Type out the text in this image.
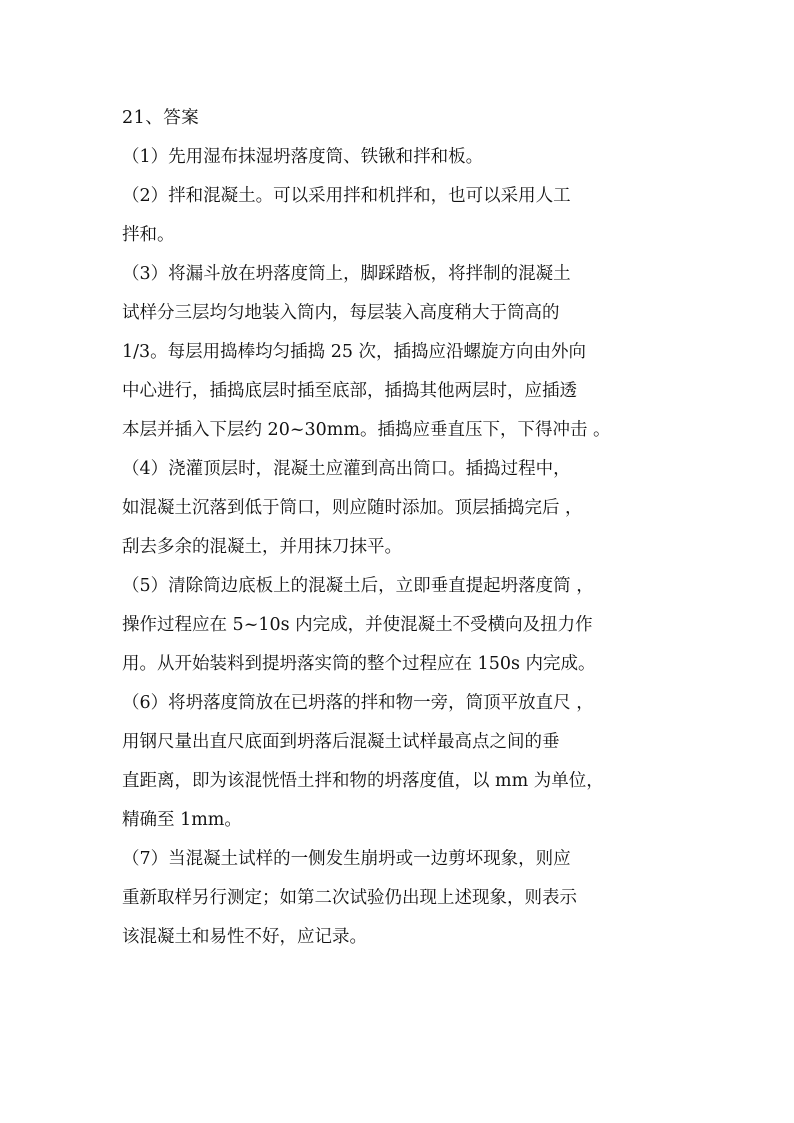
21、答案
（1）先用湿布抹湿坍落度筒、铁锹和拌和板。
（2）拌和混凝土。可以采用拌和机拌和，也可以采用人工
拌和。
（3）将漏斗放在坍落度筒上，脚踩踏板，将拌制的混凝土
试样分三层均匀地装入筒内，每层装入高度稍大于筒高的
1/3。每层用捣棒均匀插捣 25 次，插捣应沿螺旋方向由外向
中心进行，插捣底层时插至底部，插捣其他两层时，应插透
本层并插入下层约 20~30mm。插捣应垂直压下，下得冲击 。
（4）浇灌顶层时，混凝土应灌到高出筒口。插捣过程中，
如混凝土沉落到低于筒口，则应随时添加。顶层插捣完后 ，
刮去多余的混凝土，并用抹刀抹平。
（5）清除筒边底板上的混凝土后，立即垂直提起坍落度筒 ，
操作过程应在 5~10s 内完成，并使混凝土不受横向及扭力作
用。从开始装料到提坍落实筒的整个过程应在 150s 内完成。
（6）将坍落度筒放在已坍落的拌和物一旁，筒顶平放直尺 ，
用钢尺量出直尺底面到坍落后混凝土试样最高点之间的垂
直距离，即为该混恍悟土拌和物的坍落度值，以 mm 为单位，
精确至 1mm。
（7）当混凝土试样的一侧发生崩坍或一边剪坏现象，则应
重新取样另行测定；如第二次试验仍出现上述现象，则表示
该混凝土和易性不好，应记录。
